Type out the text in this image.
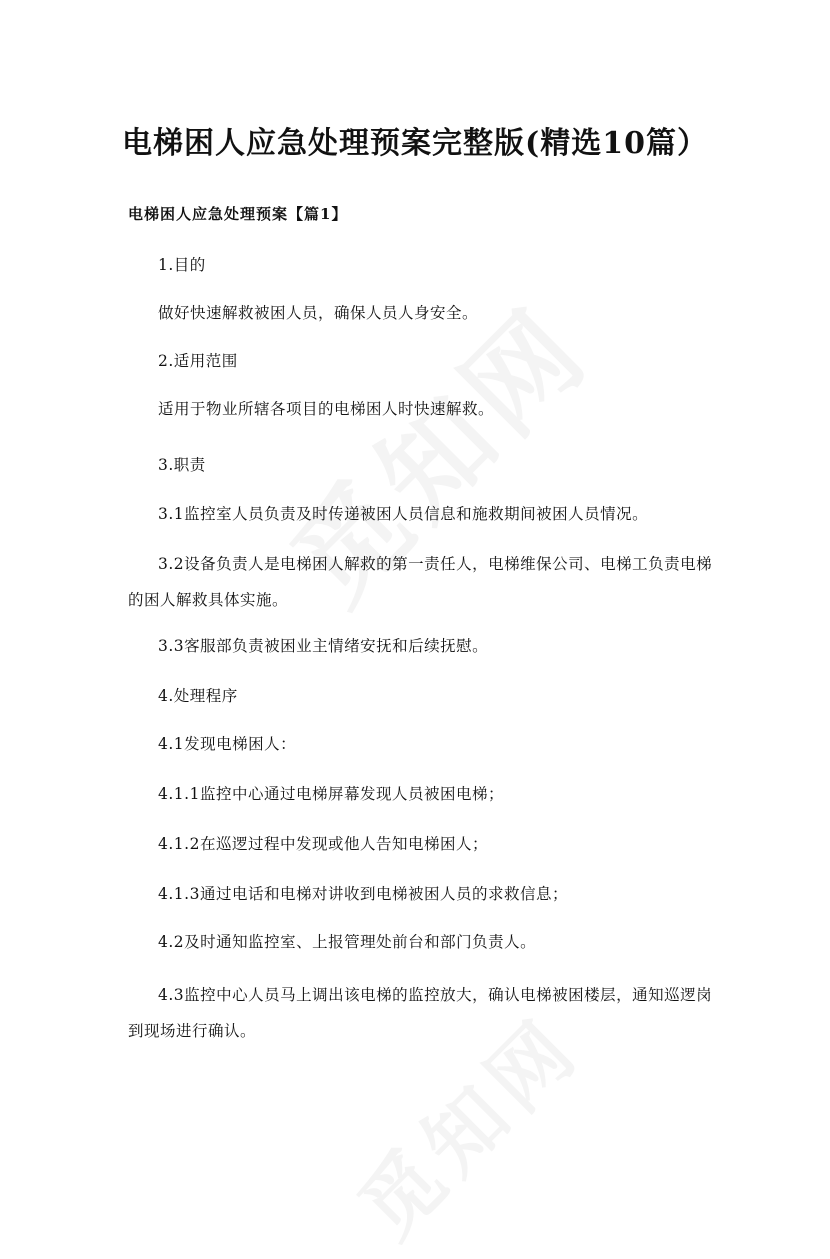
电梯困人应急处理预案完整版(精选10篇）
电梯困人应急处理预案【篇1】

1.目的

做好快速解救被困人员，确保人员人身安全。

2.适用范围

适用于物业所辖各项目的电梯困人时快速解救。

3.职责

3.1监控室人员负责及时传递被困人员信息和施救期间被困人员情况。

3.2设备负责人是电梯困人解救的第一责任人，电梯维保公司、电梯工负责电梯的困人解救具体实施。

3.3客服部负责被困业主情绪安抚和后续抚慰。

4.处理程序

4.1发现电梯困人：

4.1.1监控中心通过电梯屏幕发现人员被困电梯；

4.1.2在巡逻过程中发现或他人告知电梯困人；

4.1.3通过电话和电梯对讲收到电梯被困人员的求救信息；

4.2及时通知监控室、上报管理处前台和部门负责人。

4.3监控中心人员马上调出该电梯的监控放大，确认电梯被困楼层，通知巡逻岗到现场进行确认。
